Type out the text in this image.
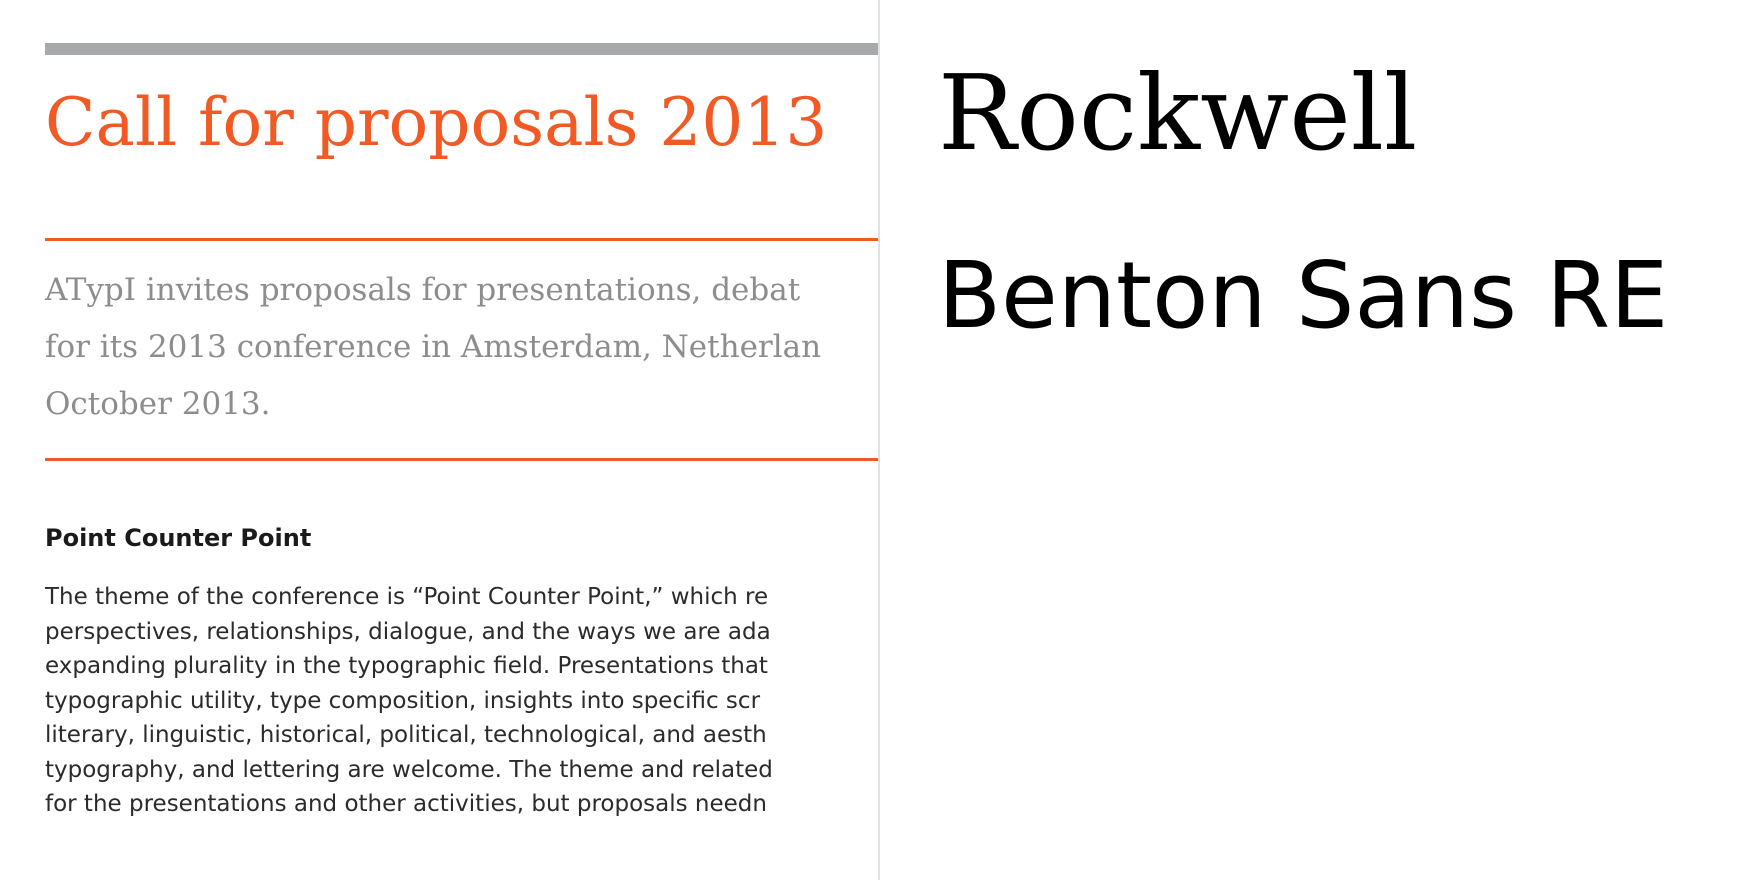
Call for proposals 2013

ATypI invites proposals for presentations, debat
for its 2013 conference in Amsterdam, Netherlan
October 2013.

Point Counter Point

The theme of the conference is “Point Counter Point,” which re
perspectives, relationships, dialogue, and the ways we are ada
expanding plurality in the typographic field. Presentations that
typographic utility, type composition, insights into specific scr
literary, linguistic, historical, political, technological, and aesth
typography, and lettering are welcome. The theme and related
for the presentations and other activities, but proposals needn

Rockwell
Benton Sans RE
